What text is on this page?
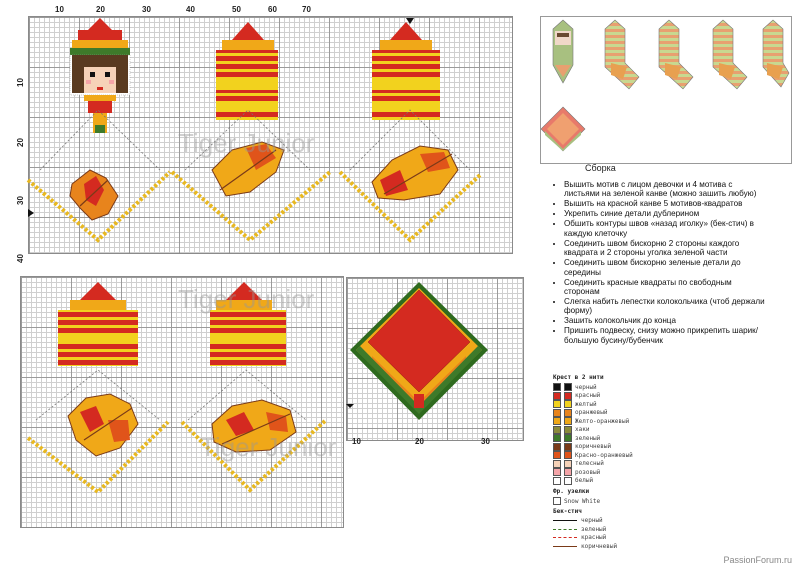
10	20	30	40	50	60	70
10
20
30
40
10	20	30
Tiger Junior
Tiger Junior
Tiger Junior
Сборка
• Вышить мотив с лицом девочки и 4 мотива с листьями на зеленой канве (можно зашить любую)
• Вышить на красной канве 5 мотивов-квадратов
• Укрепить синие детали дублерином
• Обшить контуры швов «назад иголку» (бек-стич) в каждую клеточку
• Соединить швом бискорню 2 стороны каждого квадрата и 2 стороны уголка зеленой части
• Соединить швом бискорню зеленые детали до середины
• Соединить красные квадраты по свободным сторонам
• Слегка набить лепестки колокольчика (чтоб держали форму)
• Зашить колокольчик до конца
• Пришить подвеску, снизу можно прикрепить шарик/большую бусину/бубенчик
Крест в 2 нити
черный
красный
желтый
оранжевый
Желто-оранжевый
хаки
зеленый
коричневый
Красно-оранжевый
телесный
розовый
белый
Фр. узелки
Snow White
Бек-стич
черный
зеленый
красный
коричневый
PassionForum.ru
